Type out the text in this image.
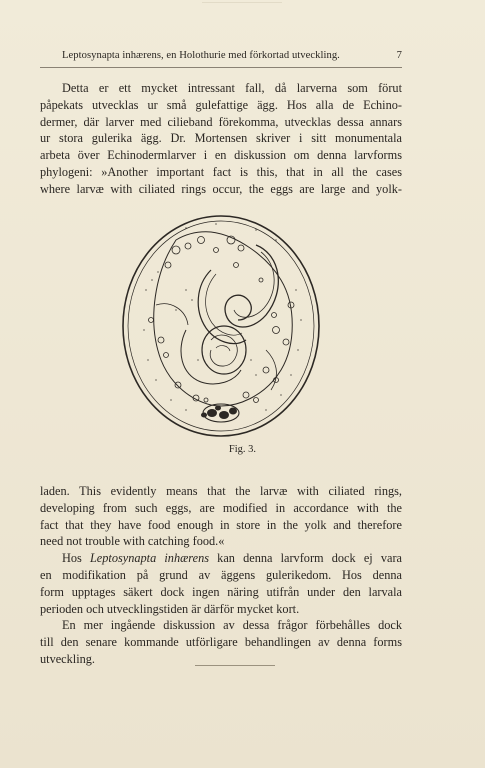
Leptosynapta inhærens, en Holothurie med förkortad utveckling.	7
Detta er ett mycket intressant fall, då larverna som förut
påpekats utvecklas ur små gulefattige ägg. Hos alla de Echino-
dermer, där larver med cilieband förekomma, utvecklas dessa annars
ur stora gulerika ägg. Dr. Mortensen skriver i sitt monumentala
arbeta över Echinodermlarver i en diskussion om denna larvforms
phylogeni: »Another important fact is this, that in all the cases
where larvæ with ciliated rings occur, the eggs are large and yolk-
Fig. 3.
laden. This evidently means that the larvæ with ciliated rings,
developing from such eggs, are modified in accordance with the
fact that they have food enough in store in the yolk and therefore
need not trouble with catching food.«
Hos Leptosynapta inhærens kan denna larvform dock ej vara
en modifikation på grund av äggens gulerikedom. Hos denna
form upptages säkert dock ingen näring utifrån under den larvala
perioden och utvecklingstiden är därför mycket kort.
En mer ingående diskussion av dessa frågor förbehålles dock
till den senare kommande utförligare behandlingen av denna forms
utveckling.
